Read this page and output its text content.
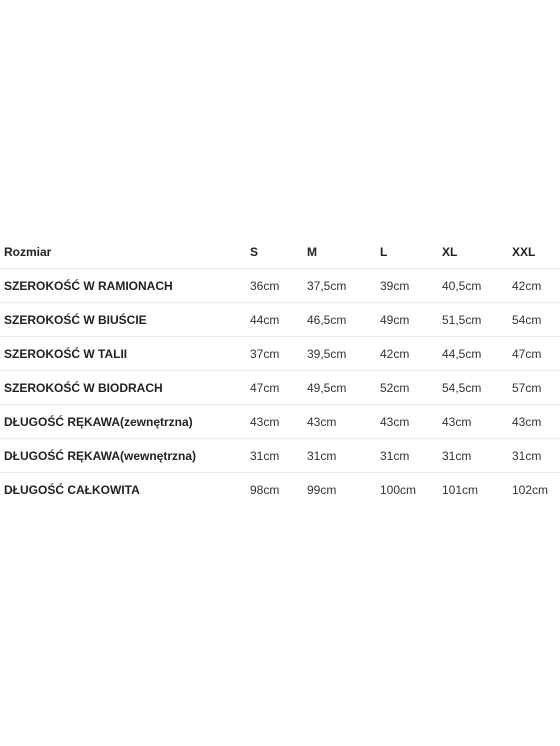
Rozmiar	S	M	L	XL	XXL
SZEROKOŚĆ W RAMIONACH	36cm	37,5cm	39cm	40,5cm	42cm
SZEROKOŚĆ W BIUŚCIE	44cm	46,5cm	49cm	51,5cm	54cm
SZEROKOŚĆ W TALII	37cm	39,5cm	42cm	44,5cm	47cm
SZEROKOŚĆ W BIODRACH	47cm	49,5cm	52cm	54,5cm	57cm
DŁUGOŚĆ RĘKAWA(zewnętrzna)	43cm	43cm	43cm	43cm	43cm
DŁUGOŚĆ RĘKAWA(wewnętrzna)	31cm	31cm	31cm	31cm	31cm
DŁUGOŚĆ CAŁKOWITA	98cm	99cm	100cm	101cm	102cm
